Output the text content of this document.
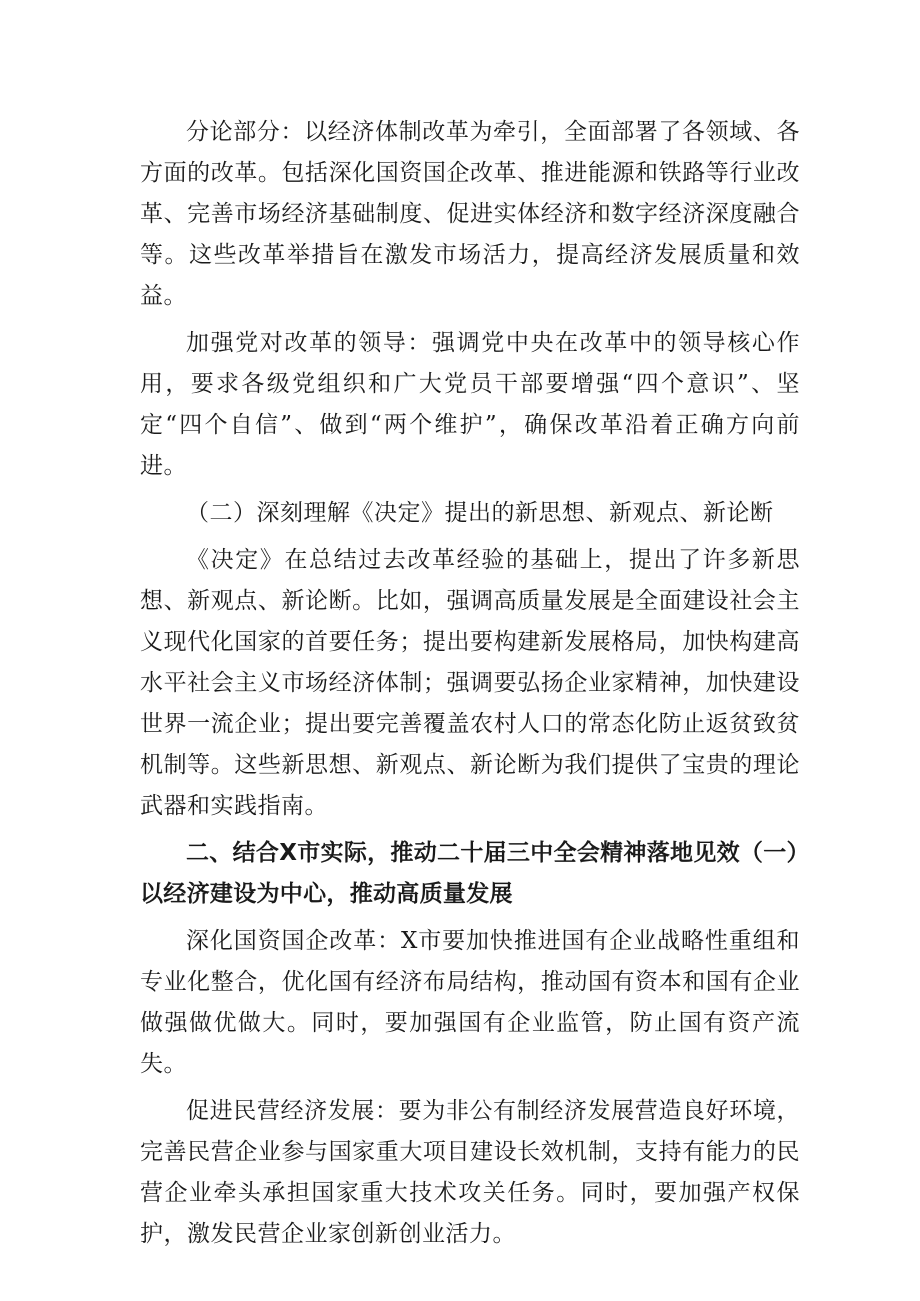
分论部分：以经济体制改革为牵引，全面部署了各领域、各方面的改革。包括深化国资国企改革、推进能源和铁路等行业改革、完善市场经济基础制度、促进实体经济和数字经济深度融合等。这些改革举措旨在激发市场活力，提高经济发展质量和效益。

加强党对改革的领导：强调党中央在改革中的领导核心作用，要求各级党组织和广大党员干部要增强“四个意识”、坚定“四个自信”、做到“两个维护”，确保改革沿着正确方向前进。

（二）深刻理解《决定》提出的新思想、新观点、新论断

《决定》在总结过去改革经验的基础上，提出了许多新思想、新观点、新论断。比如，强调高质量发展是全面建设社会主义现代化国家的首要任务；提出要构建新发展格局，加快构建高水平社会主义市场经济体制；强调要弘扬企业家精神，加快建设世界一流企业；提出要完善覆盖农村人口的常态化防止返贫致贫机制等。这些新思想、新观点、新论断为我们提供了宝贵的理论武器和实践指南。

二、结合X市实际，推动二十届三中全会精神落地见效（一）以经济建设为中心，推动高质量发展

深化国资国企改革：X市要加快推进国有企业战略性重组和专业化整合，优化国有经济布局结构，推动国有资本和国有企业做强做优做大。同时，要加强国有企业监管，防止国有资产流失。

促进民营经济发展：要为非公有制经济发展营造良好环境，完善民营企业参与国家重大项目建设长效机制，支持有能力的民营企业牵头承担国家重大技术攻关任务。同时，要加强产权保护，激发民营企业家创新创业活力。
